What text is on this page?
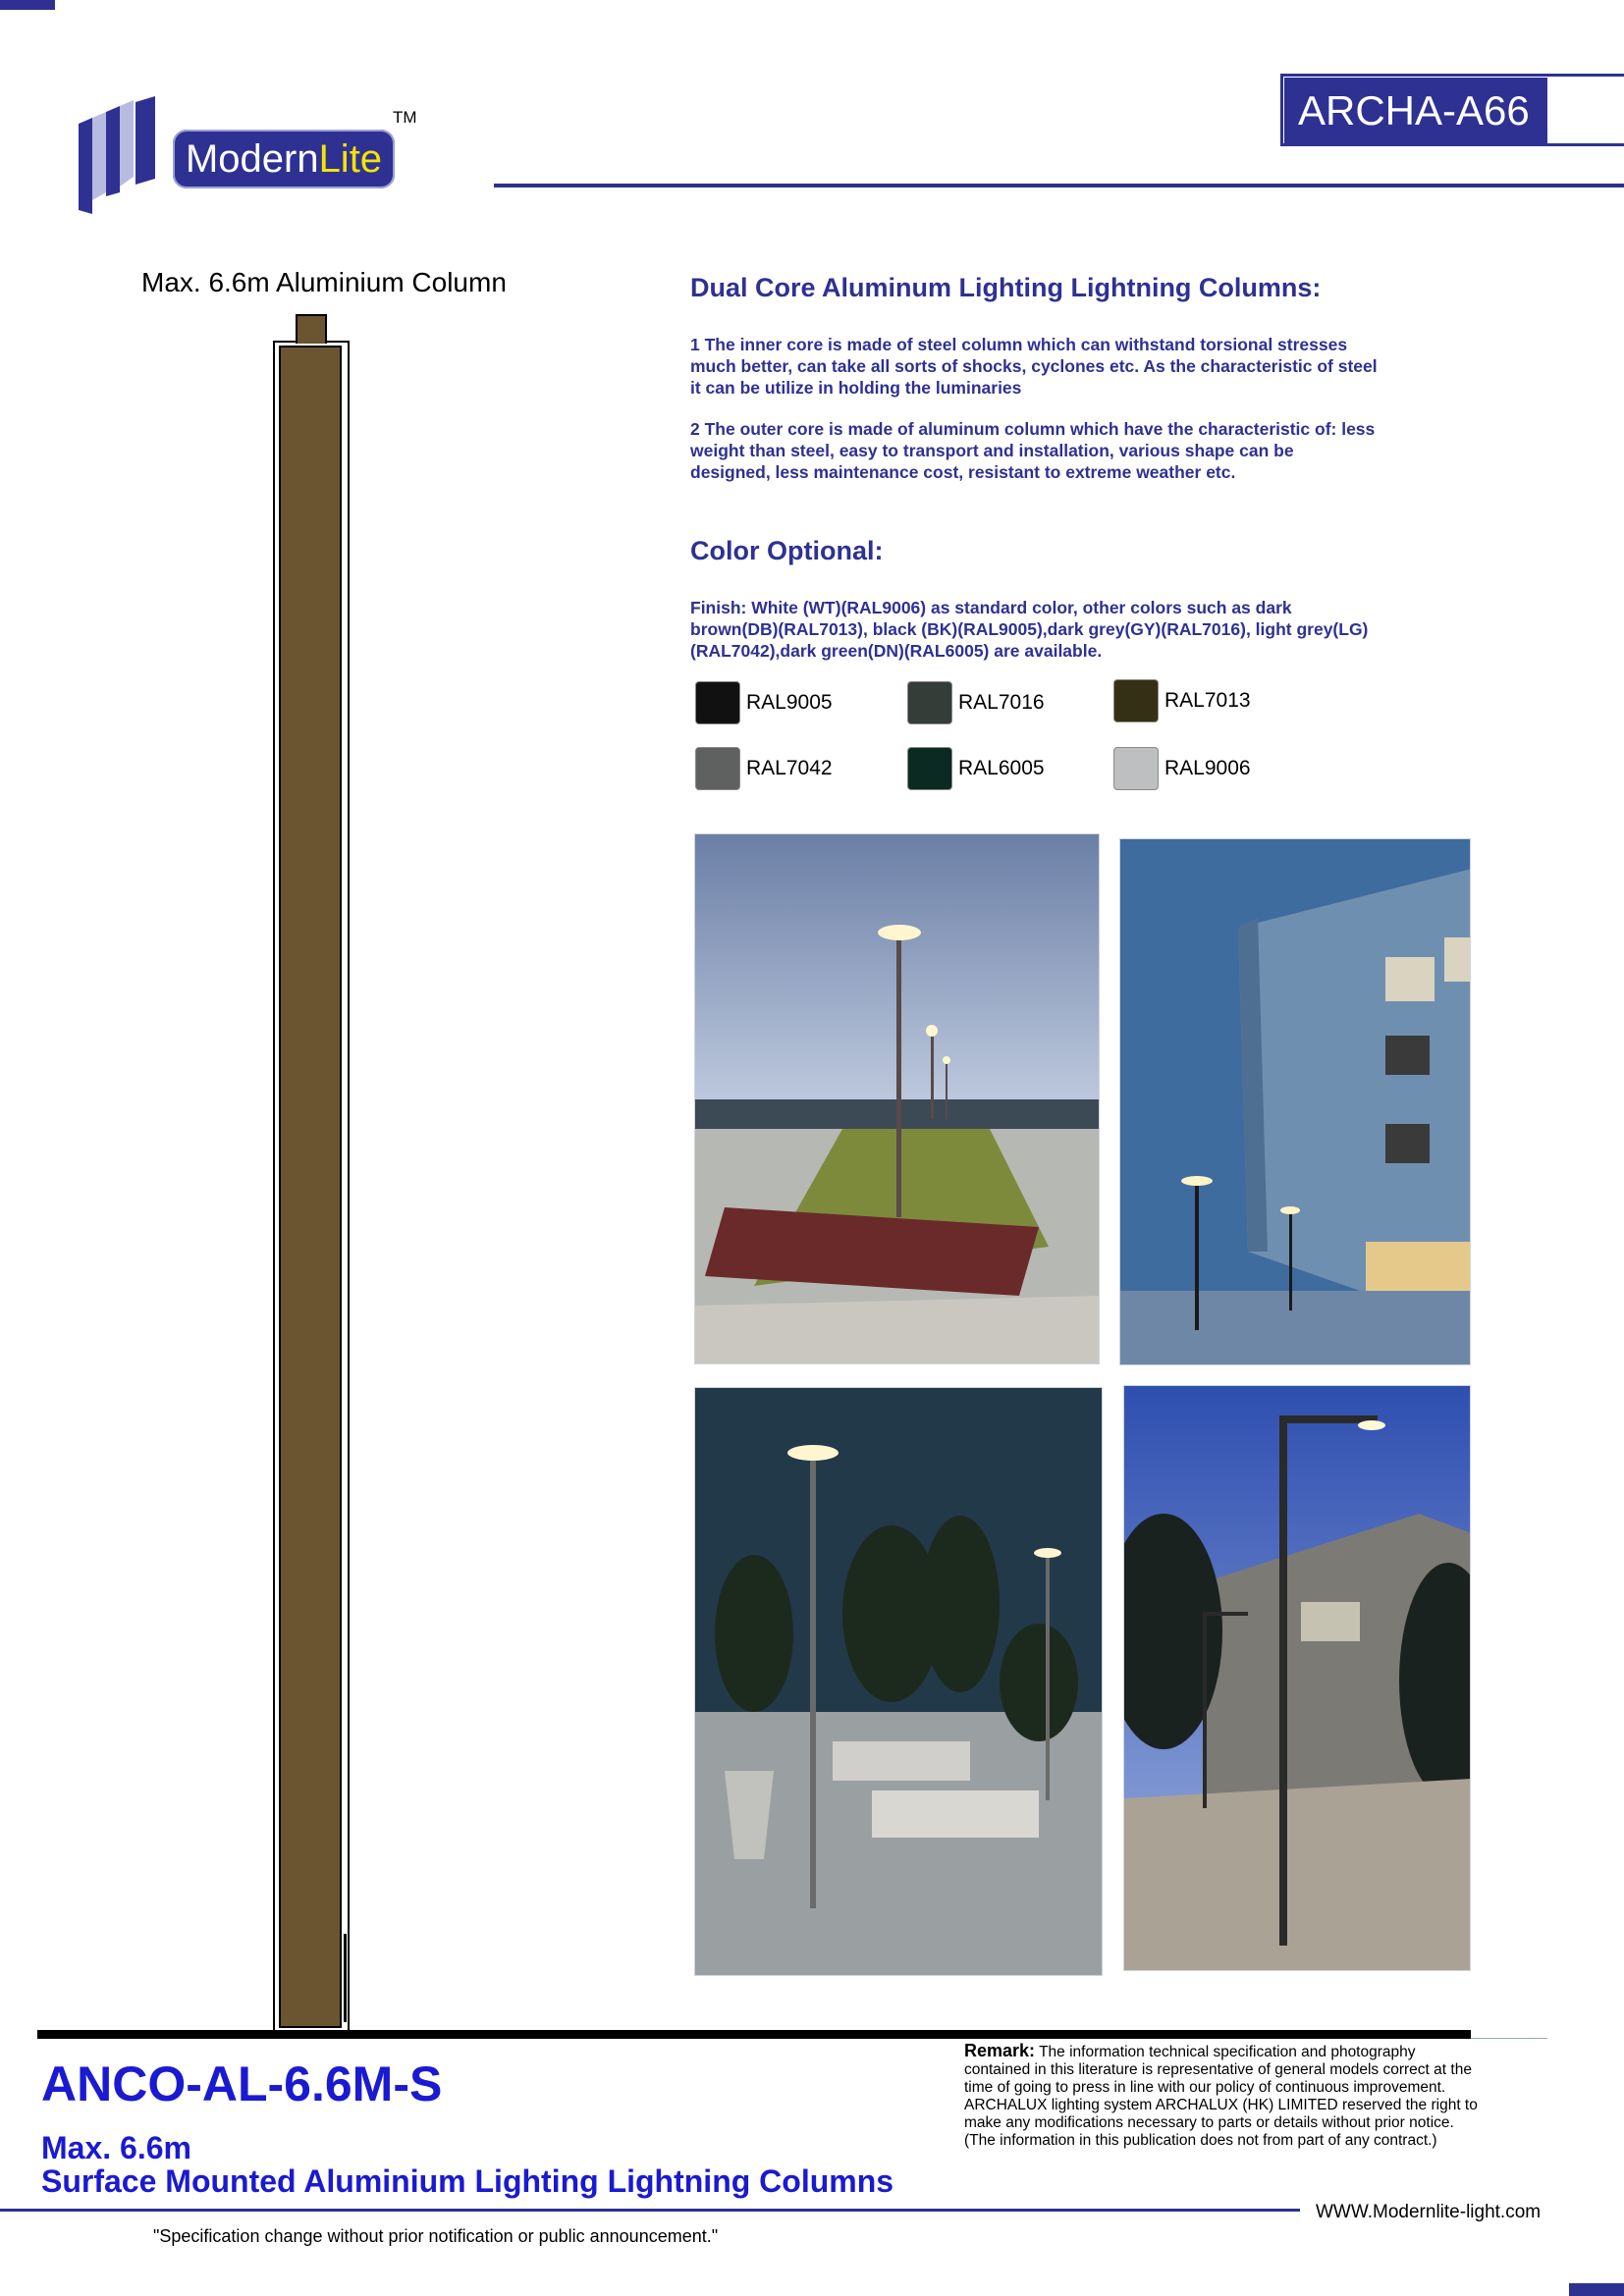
ModernLite
TM	ARCHA-A66
Max. 6.6m Aluminium Column	Dual Core Aluminum Lighting Lightning Columns:
1 The inner core is made of steel column which can withstand torsional stresses much better, can take all sorts of shocks, cyclones etc. As the characteristic of steel it can be utilize in holding the luminaries
2 The outer core is made of aluminum column which have the characteristic of: less weight than steel, easy to transport and installation, various shape can be designed, less maintenance cost, resistant to extreme weather etc.
Color Optional:
Finish: White (WT)(RAL9006) as standard color, other colors such as dark brown(DB)(RAL7013), black (BK)(RAL9005),dark grey(GY)(RAL7016), light grey(LG)(RAL7042),dark green(DN)(RAL6005) are available.
RAL9005	RAL7016	RAL7013
RAL7042	RAL6005	RAL9006
ANCO-AL-6.6M-S
Max. 6.6m
Surface Mounted Aluminium Lighting Lightning Columns
Remark: The information technical specification and photography contained in this literature is representative of general models correct at the time of going to press in line with our policy of continuous improvement. ARCHALUX lighting system ARCHALUX (HK) LIMITED reserved the right to make any modifications necessary to parts or details without prior notice. (The information in this publication does not from part of any contract.)
WWW.Modernlite-light.com
"Specification change without prior notification or public announcement."
